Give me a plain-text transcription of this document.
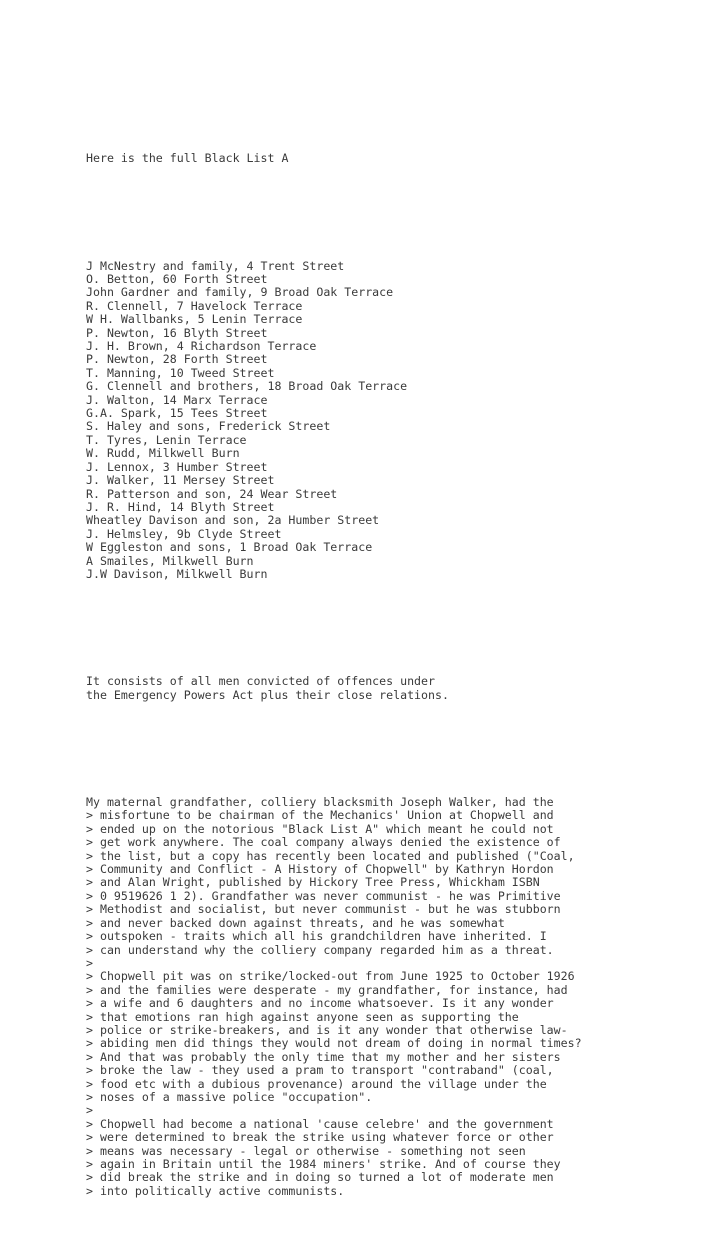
Here is the full Black List A

J McNestry and family, 4 Trent Street
O. Betton, 60 Forth Street
John Gardner and family, 9 Broad Oak Terrace
R. Clennell, 7 Havelock Terrace
W H. Wallbanks, 5 Lenin Terrace
P. Newton, 16 Blyth Street
J. H. Brown, 4 Richardson Terrace
P. Newton, 28 Forth Street
T. Manning, 10 Tweed Street
G. Clennell and brothers, 18 Broad Oak Terrace
J. Walton, 14 Marx Terrace
G.A. Spark, 15 Tees Street
S. Haley and sons, Frederick Street
T. Tyres, Lenin Terrace
W. Rudd, Milkwell Burn
J. Lennox, 3 Humber Street
J. Walker, 11 Mersey Street
R. Patterson and son, 24 Wear Street
J. R. Hind, 14 Blyth Street
Wheatley Davison and son, 2a Humber Street
J. Helmsley, 9b Clyde Street
W Eggleston and sons, 1 Broad Oak Terrace
A Smailes, Milkwell Burn
J.W Davison, Milkwell Burn

It consists of all men convicted of offences under
the Emergency Powers Act plus their close relations.

My maternal grandfather, colliery blacksmith Joseph Walker, had the
> misfortune to be chairman of the Mechanics' Union at Chopwell and
> ended up on the notorious "Black List A" which meant he could not
> get work anywhere. The coal company always denied the existence of
> the list, but a copy has recently been located and published ("Coal,
> Community and Conflict - A History of Chopwell" by Kathryn Hordon
> and Alan Wright, published by Hickory Tree Press, Whickham ISBN
> 0 9519626 1 2). Grandfather was never communist - he was Primitive
> Methodist and socialist, but never communist - but he was stubborn
> and never backed down against threats, and he was somewhat
> outspoken - traits which all his grandchildren have inherited. I
> can understand why the colliery company regarded him as a threat.
>
> Chopwell pit was on strike/locked-out from June 1925 to October 1926
> and the families were desperate - my grandfather, for instance, had
> a wife and 6 daughters and no income whatsoever. Is it any wonder
> that emotions ran high against anyone seen as supporting the
> police or strike-breakers, and is it any wonder that otherwise law-
> abiding men did things they would not dream of doing in normal times?
> And that was probably the only time that my mother and her sisters
> broke the law - they used a pram to transport "contraband" (coal,
> food etc with a dubious provenance) around the village under the
> noses of a massive police "occupation".
>
> Chopwell had become a national 'cause celebre' and the government
> were determined to break the strike using whatever force or other
> means was necessary - legal or otherwise - something not seen
> again in Britain until the 1984 miners' strike. And of course they
> did break the strike and in doing so turned a lot of moderate men
> into politically active communists.
